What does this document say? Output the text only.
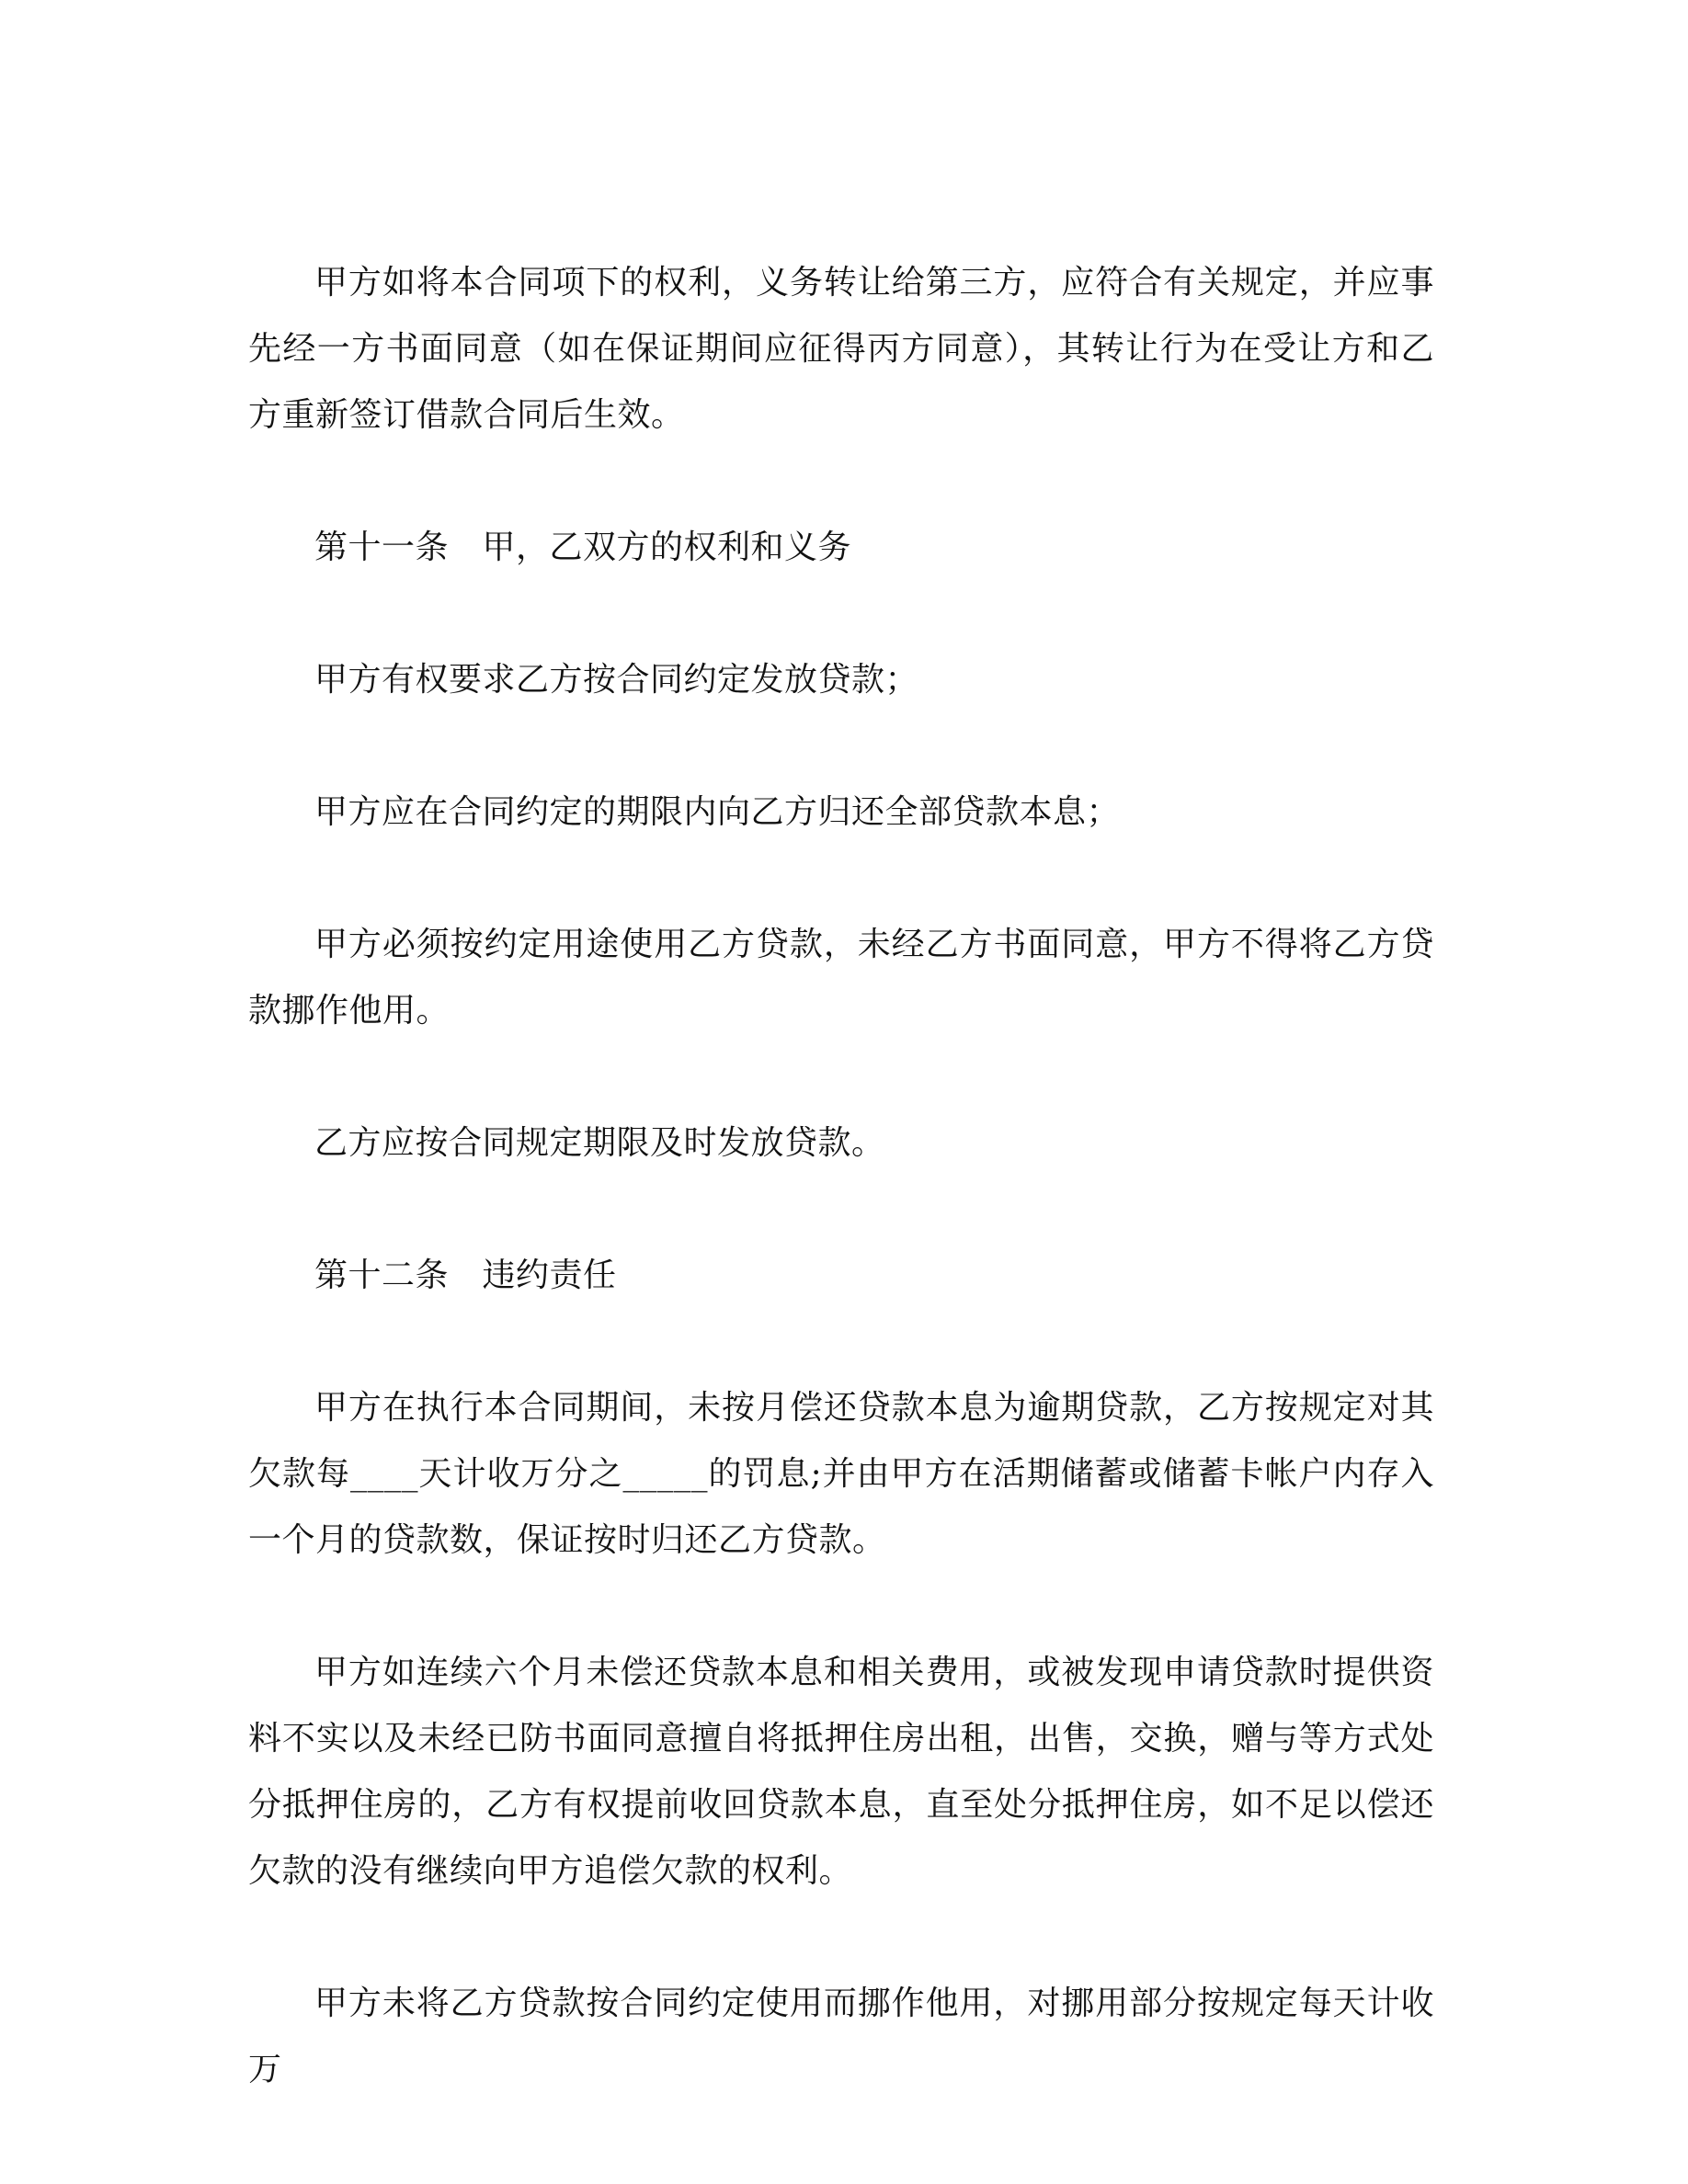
甲方如将本合同项下的权利，义务转让给第三方，应符合有关规定，并应事先经一方书面同意（如在保证期间应征得丙方同意），其转让行为在受让方和乙方重新签订借款合同后生效。

第十一条　甲，乙双方的权利和义务

甲方有权要求乙方按合同约定发放贷款；

甲方应在合同约定的期限内向乙方归还全部贷款本息；

甲方必须按约定用途使用乙方贷款，未经乙方书面同意，甲方不得将乙方贷款挪作他用。

乙方应按合同规定期限及时发放贷款。

第十二条　违约责任

甲方在执行本合同期间，未按月偿还贷款本息为逾期贷款，乙方按规定对其欠款每____天计收万分之_____的罚息;并由甲方在活期储蓄或储蓄卡帐户内存入一个月的贷款数，保证按时归还乙方贷款。

甲方如连续六个月未偿还贷款本息和相关费用，或被发现申请贷款时提供资料不实以及未经已防书面同意擅自将抵押住房出租，出售，交换，赠与等方式处分抵押住房的，乙方有权提前收回贷款本息，直至处分抵押住房，如不足以偿还欠款的没有继续向甲方追偿欠款的权利。

甲方未将乙方贷款按合同约定使用而挪作他用，对挪用部分按规定每天计收万
